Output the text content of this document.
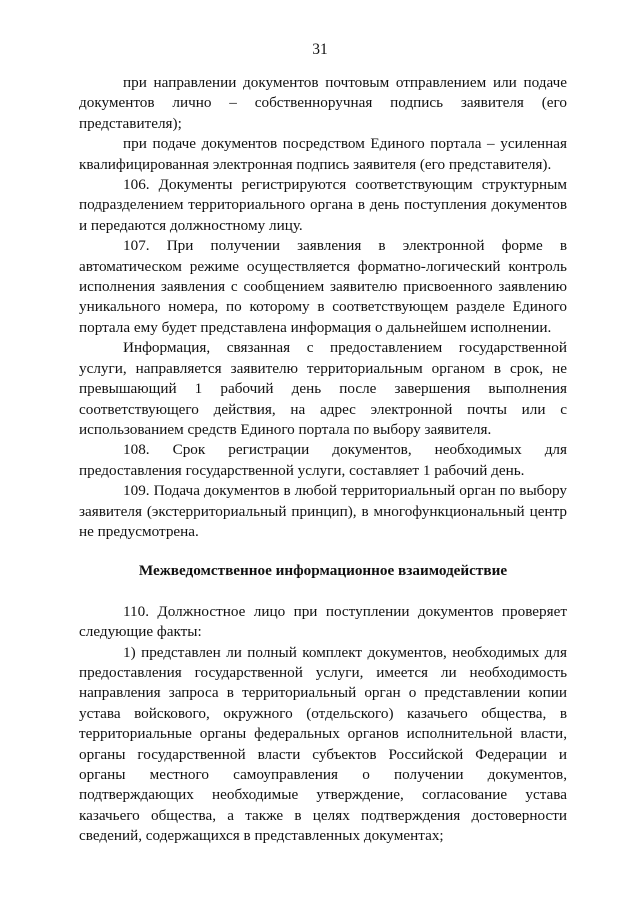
31

при направлении документов почтовым отправлением или подаче документов лично – собственноручная подпись заявителя (его представителя);

при подаче документов посредством Единого портала – усиленная квалифицированная электронная подпись заявителя (его представителя).

106. Документы регистрируются соответствующим структурным подразделением территориального органа в день поступления документов и передаются должностному лицу.

107. При получении заявления в электронной форме в автоматическом режиме осуществляется форматно-логический контроль исполнения заявления с сообщением заявителю присвоенного заявлению уникального номера, по которому в соответствующем разделе Единого портала ему будет представлена информация о дальнейшем исполнении.

Информация, связанная с предоставлением государственной услуги, направляется заявителю территориальным органом в срок, не превышающий 1 рабочий день после завершения выполнения соответствующего действия, на адрес электронной почты или с использованием средств Единого портала по выбору заявителя.

108. Срок регистрации документов, необходимых для предоставления государственной услуги, составляет 1 рабочий день.

109. Подача документов в любой территориальный орган по выбору заявителя (экстерриториальный принцип), в многофункциональный центр не предусмотрена.

Межведомственное информационное взаимодействие

110. Должностное лицо при поступлении документов проверяет следующие факты:

1) представлен ли полный комплект документов, необходимых для предоставления государственной услуги, имеется ли необходимость направления запроса в территориальный орган о представлении копии устава войскового, окружного (отдельского) казачьего общества, в территориальные органы федеральных органов исполнительной власти, органы государственной власти субъектов Российской Федерации и органы местного самоуправления о получении документов, подтверждающих необходимые утверждение, согласование устава казачьего общества, а также в целях подтверждения достоверности сведений, содержащихся в представленных документах;
